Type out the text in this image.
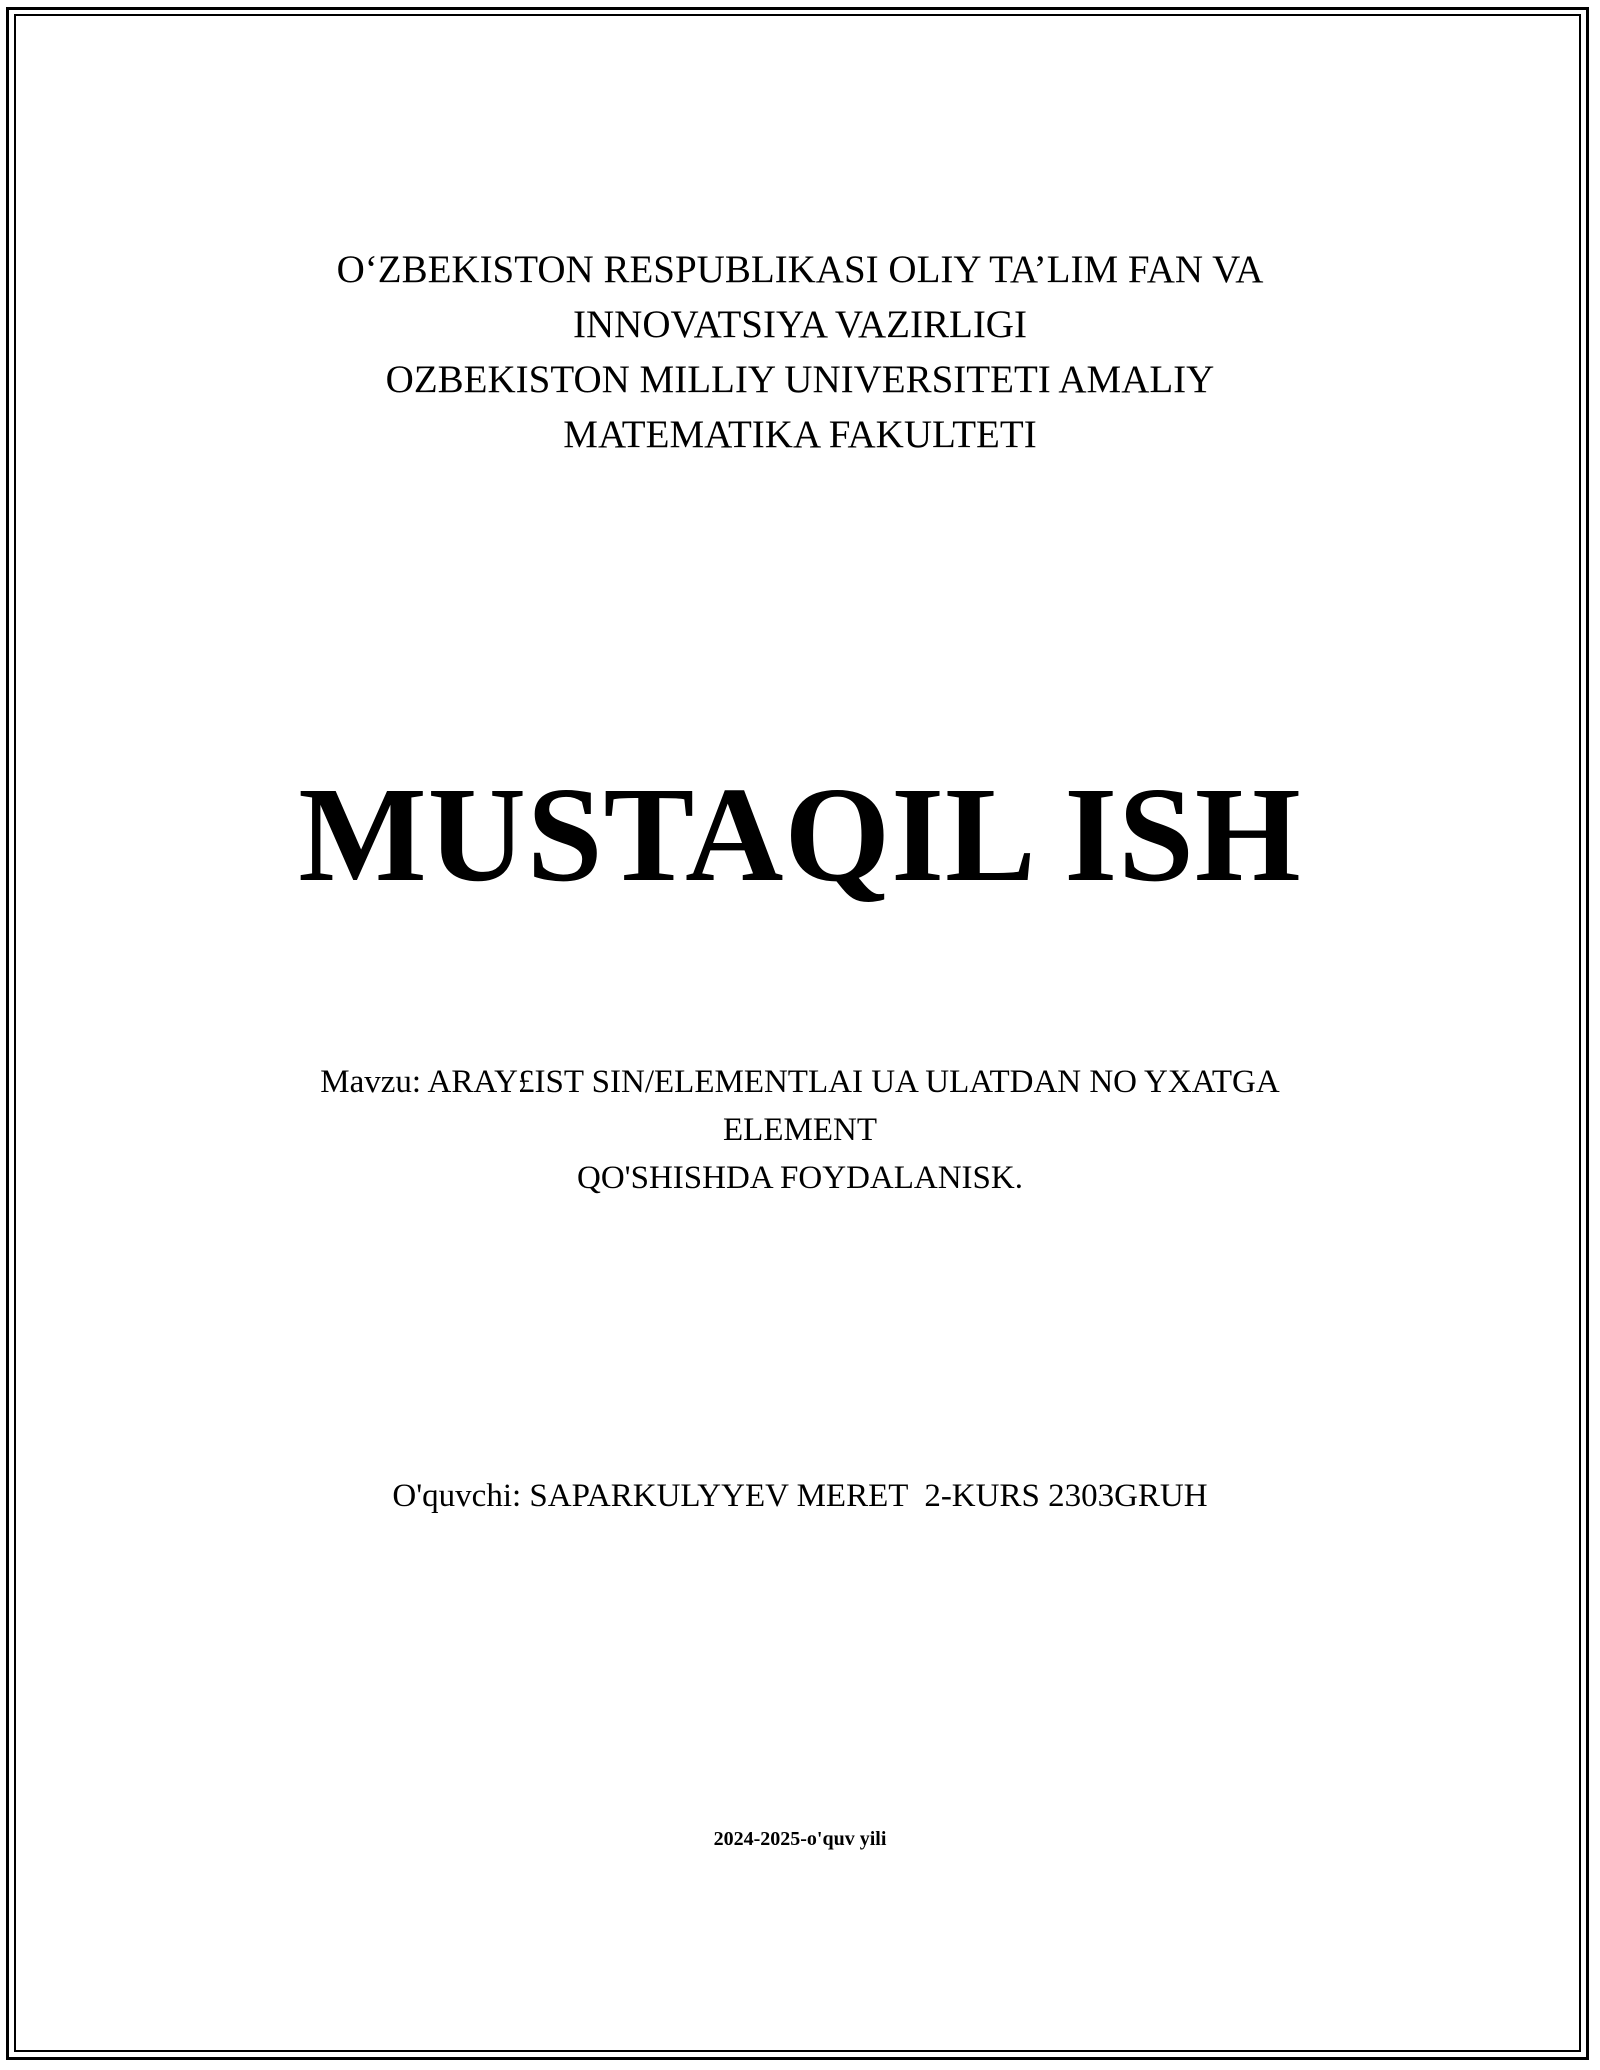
O‘ZBEKISTON RESPUBLIKASI OLIY TA’LIM FAN VA
INNOVATSIYA VAZIRLIGI
OZBEKISTON MILLIY UNIVERSITETI AMALIY
MATEMATIKA FAKULTETI
MUSTAQIL ISH
Mavzu: ARAY£IST SIN/ELEMENTLAI UA ULATDAN NO YXATGA
ELEMENT
QO'SHISHDA FOYDALANISK.
O'quvchi: SAPARKULYYEV MERET  2-KURS 2303GRUH
2024-2025-o'quv yili
